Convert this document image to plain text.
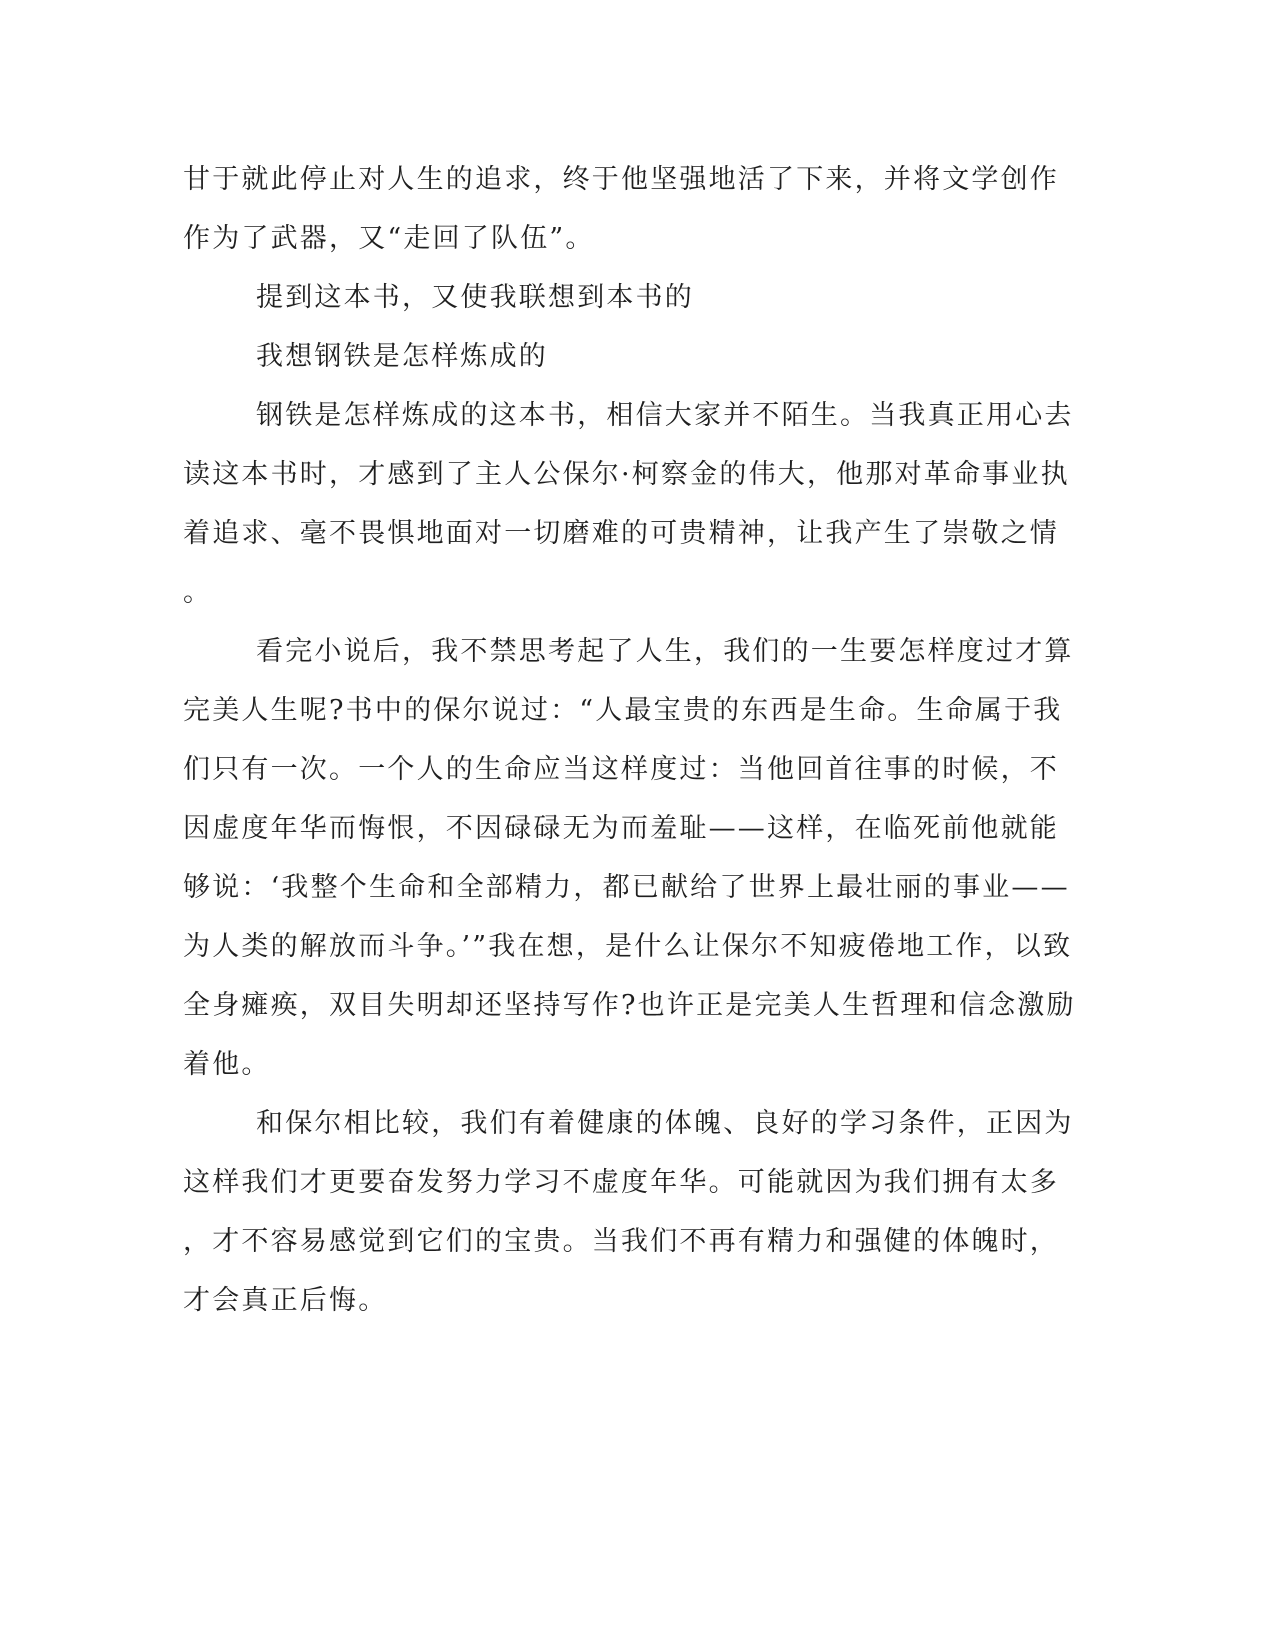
甘于就此停止对人生的追求，终于他坚强地活了下来，并将文学创作

作为了武器，又“走回了队伍”。

提到这本书，又使我联想到本书的

我想钢铁是怎样炼成的

钢铁是怎样炼成的这本书，相信大家并不陌生。当我真正用心去

读这本书时，才感到了主人公保尔·柯察金的伟大，他那对革命事业执

着追求、毫不畏惧地面对一切磨难的可贵精神，让我产生了崇敬之情

。

看完小说后，我不禁思考起了人生，我们的一生要怎样度过才算

完美人生呢?书中的保尔说过：“人最宝贵的东西是生命。生命属于我

们只有一次。一个人的生命应当这样度过：当他回首往事的时候，不

因虚度年华而悔恨，不因碌碌无为而羞耻——这样，在临死前他就能

够说：‘我整个生命和全部精力，都已献给了世界上最壮丽的事业——

为人类的解放而斗争。’”我在想，是什么让保尔不知疲倦地工作，以致

全身瘫痪，双目失明却还坚持写作?也许正是完美人生哲理和信念激励

着他。

和保尔相比较，我们有着健康的体魄、良好的学习条件，正因为

这样我们才更要奋发努力学习不虚度年华。可能就因为我们拥有太多

，才不容易感觉到它们的宝贵。当我们不再有精力和强健的体魄时，

才会真正后悔。
